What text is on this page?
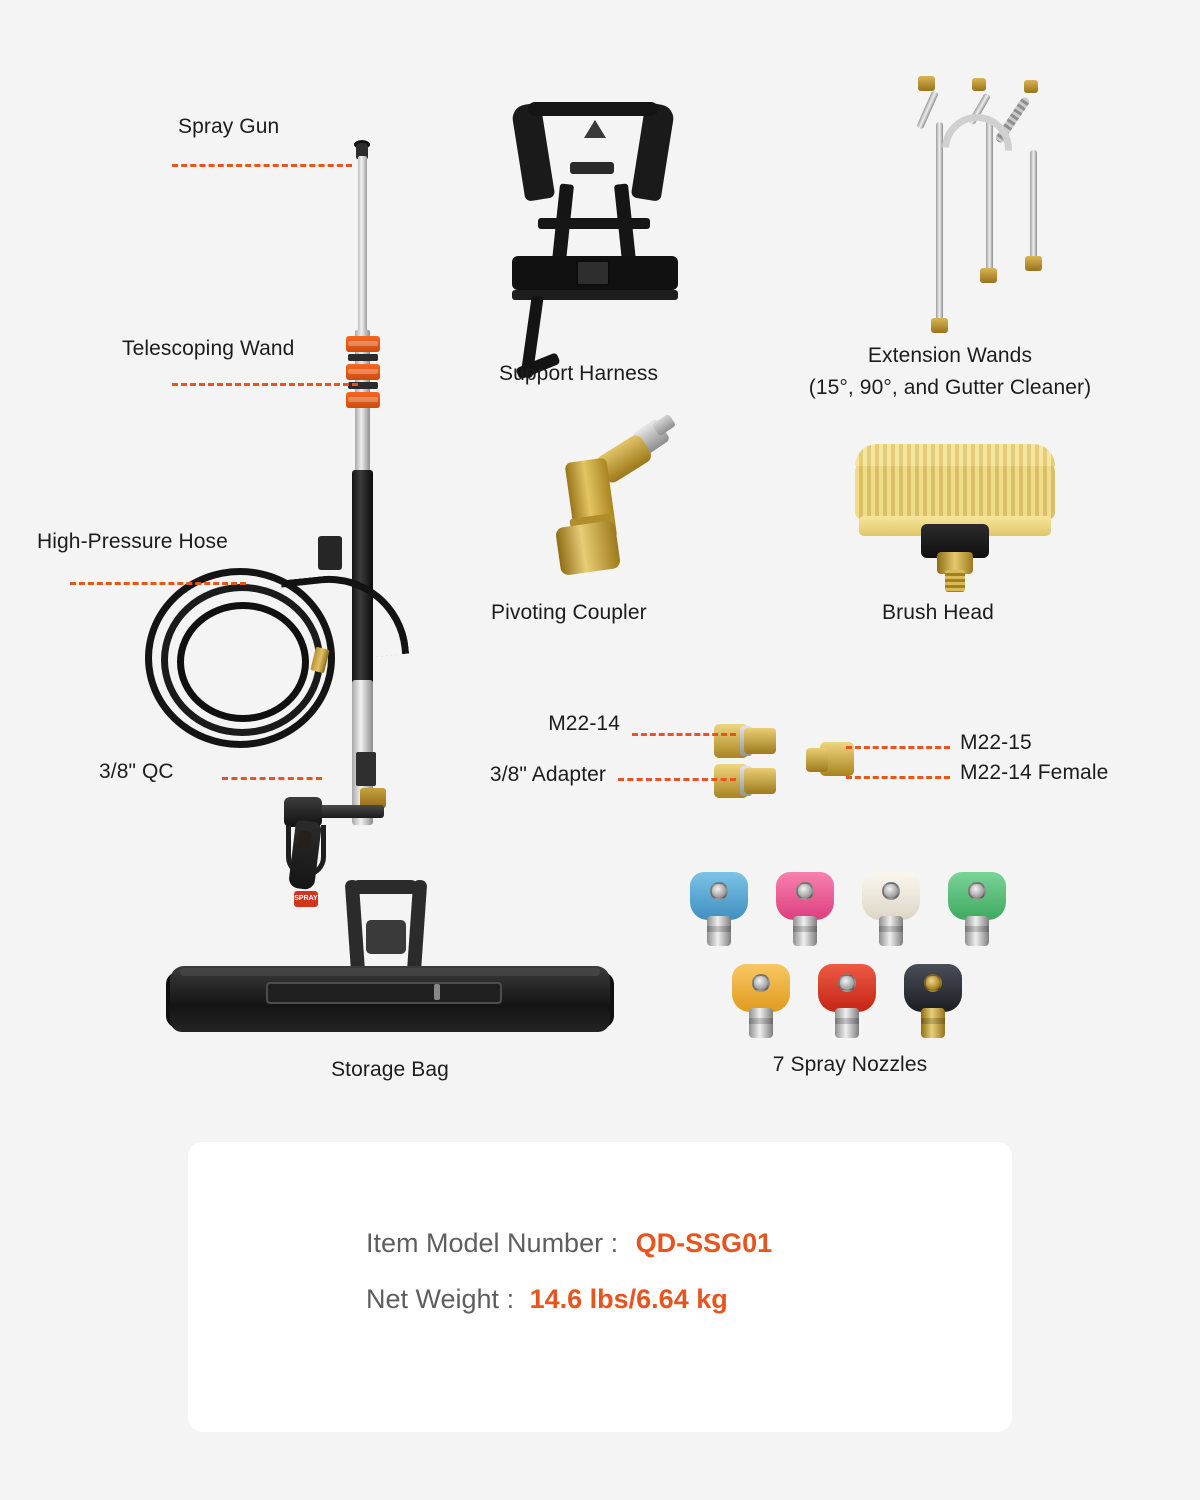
SPRAY
Spray Gun
Telescoping Wand
High-Pressure Hose
3/8" QC
Support Harness
Extension Wands
(15°, 90°, and Gutter Cleaner)
Pivoting Coupler	Brush Head
M22-14
3/8" Adapter
M22-15
M22-14 Female
Storage Bag	7 Spray Nozzles
Item Model Number : QD-SSG01
Net Weight : 14.6 lbs/6.64 kg
